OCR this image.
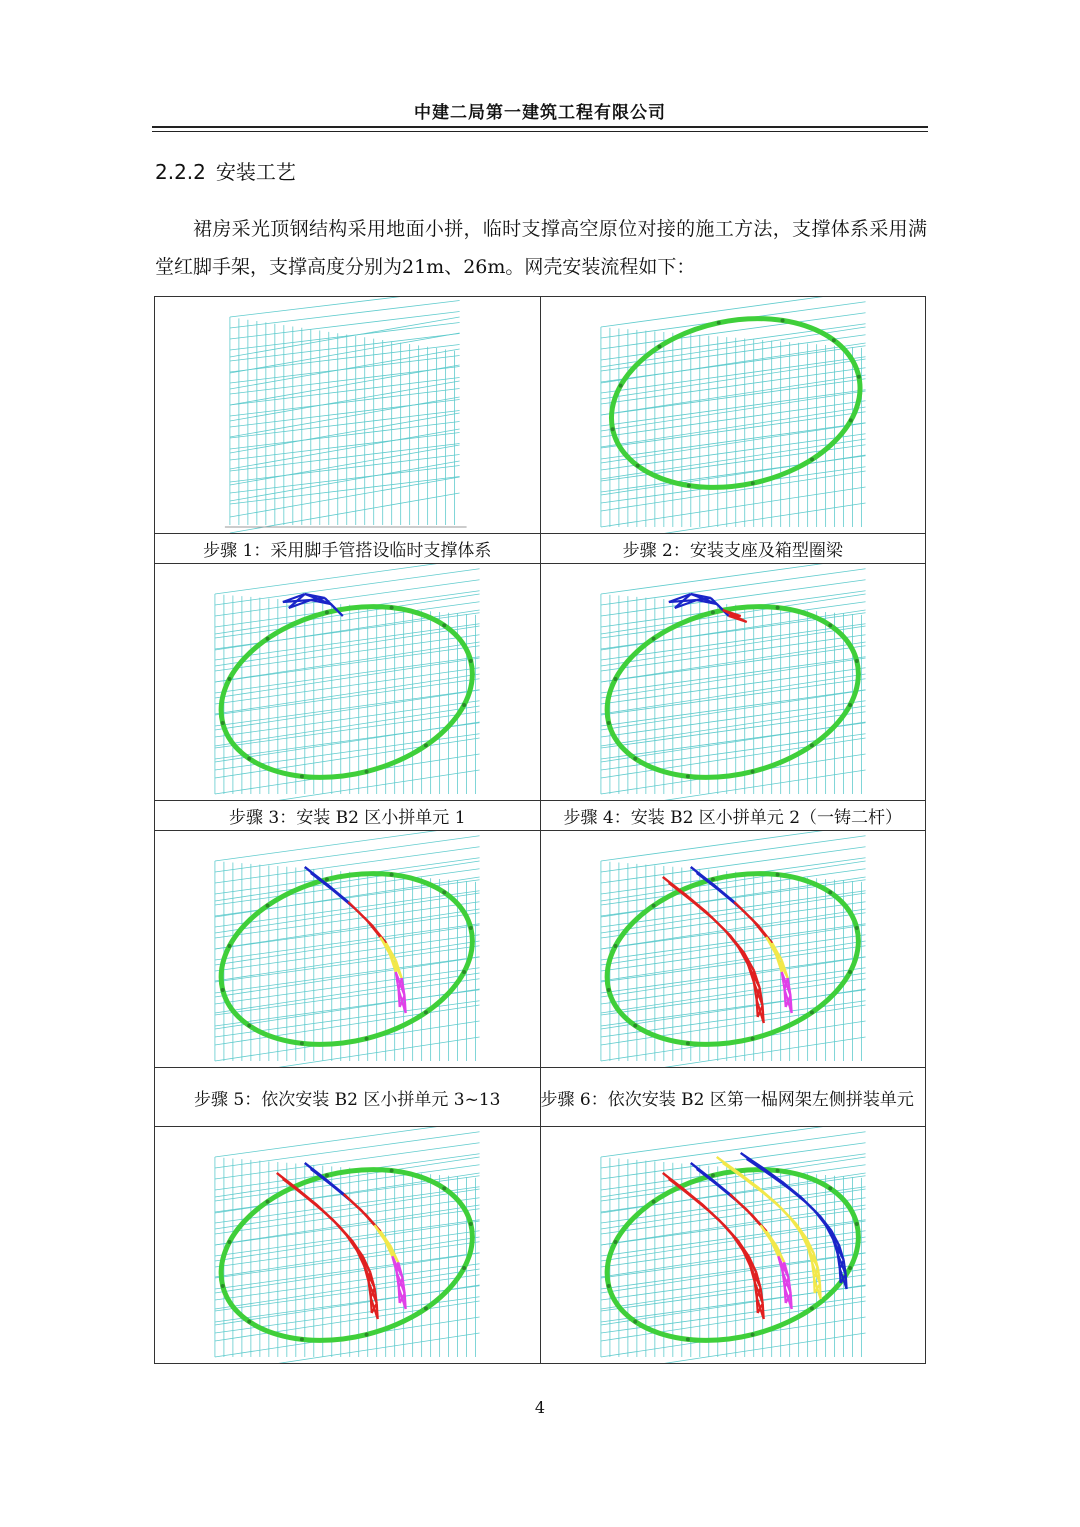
中建二局第一建筑工程有限公司
2.2.2 安装工艺
裙房采光顶钢结构采用地面小拼，临时支撑高空原位对接的施工方法，支撑体系采用满堂红脚手架，支撑高度分别为21m、26m。网壳安装流程如下：

步骤 1：采用脚手管搭设临时支撑体系	步骤 2：安装支座及箱型圈梁

步骤 3：安装 B2 区小拼单元 1	步骤 4：安装 B2 区小拼单元 2（一铸二杆）

步骤 5：依次安装 B2 区小拼单元 3~13	步骤 6：依次安装 B2 区第一榀网架左侧拼装单元

4
